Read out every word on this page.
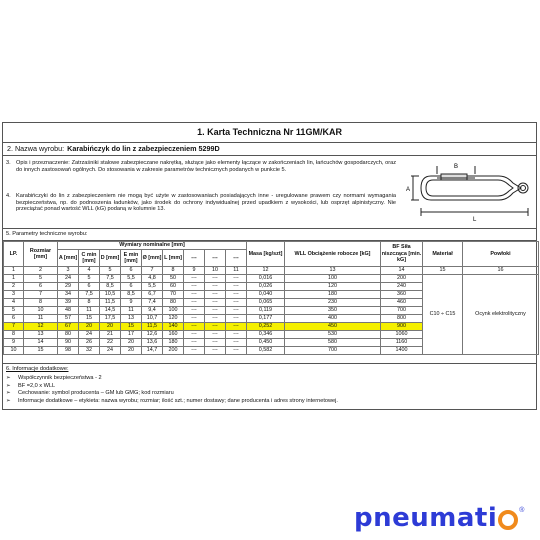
1. Karta Techniczna Nr 11GM/KAR
2. Nazwa wyrobu: Karabińczyk do lin z zabezpieczeniem 5299D
3. Opis i przeznaczenie: Zatrzaśniki stalowe zabezpieczane nakrętką, służące jako elementy łączące w zakończeniach lin, łańcuchów gospodarczych, oraz do innych zastosowań ogólnych. Do stosowania w zakresie parametrów technicznych podanych w punkcie 5.
4. Karabińczyki do lin z zabezpieczeniem nie mogą być użyte w zastosowaniach posiadających inne - uregulowane prawem czy normami wymagania bezpieczeństwa, np. do podnoszenia ładunków, jako środek do ochrony indywidualnej przed upadkiem z wysokości, lub osprzęt alpinistyczny. Nie przeciążać ponad wartość WLL (kG) podaną w kolumnie 13.
A
B
L
5. Parametry techniczne wyrobu:
LP.	Rozmiar [mm]	Wymiary nominalne [mm]									Masa [kg/szt]	WLL Obciążenie robocze [kG]	BF Siła niszcząca [min. kG]	Materiał	Powłoki
		A [mm]	C min [mm]	D [mm]	E min [mm]	Ø [mm]	L [mm]	---	---	---					
1	2	3	4	5	6	7	8	9	10	11	12	13	14	15	16
1	5	24	5	7,5	5,5	4,8	50	---	---	---	0,016	100	200	C10 ÷ C15	Ocynk elektrolityczny
2	6	29	6	8,5	6	5,5	60	---	---	---	0,026	120	240		
3	7	34	7,5	10,5	8,5	6,7	70	---	---	---	0,040	180	360		
4	8	39	8	11,5	9	7,4	80	---	---	---	0,065	230	460		
5	10	48	11	14,5	11	9,4	100	---	---	---	0,119	350	700		
6	11	57	15	17,5	13	10,7	120	---	---	---	0,177	400	800		
7	12	67	20	20	15	11,5	140	---	---	---	0,252	450	900		
8	13	80	24	21	17	12,6	160	---	---	---	0,346	530	1060		
9	14	90	26	22	20	13,6	180	---	---	---	0,450	580	1160		
10	15	98	32	24	20	14,7	200	---	---	---	0,582	700	1400		
6. Informacje dodatkowe:
➢	Współczynnik bezpieczeństwa - 2
➢	BF =2,0 x WLL
➢	Cechowanie: symbol producenta – GM lub GMG; kod rozmiaru
➢	Informacje dodatkowe – etykieta: nazwa wyrobu; rozmiar; ilość szt.; numer dostawy; dane producenta i adres strony internetowej.
pneumati	®
